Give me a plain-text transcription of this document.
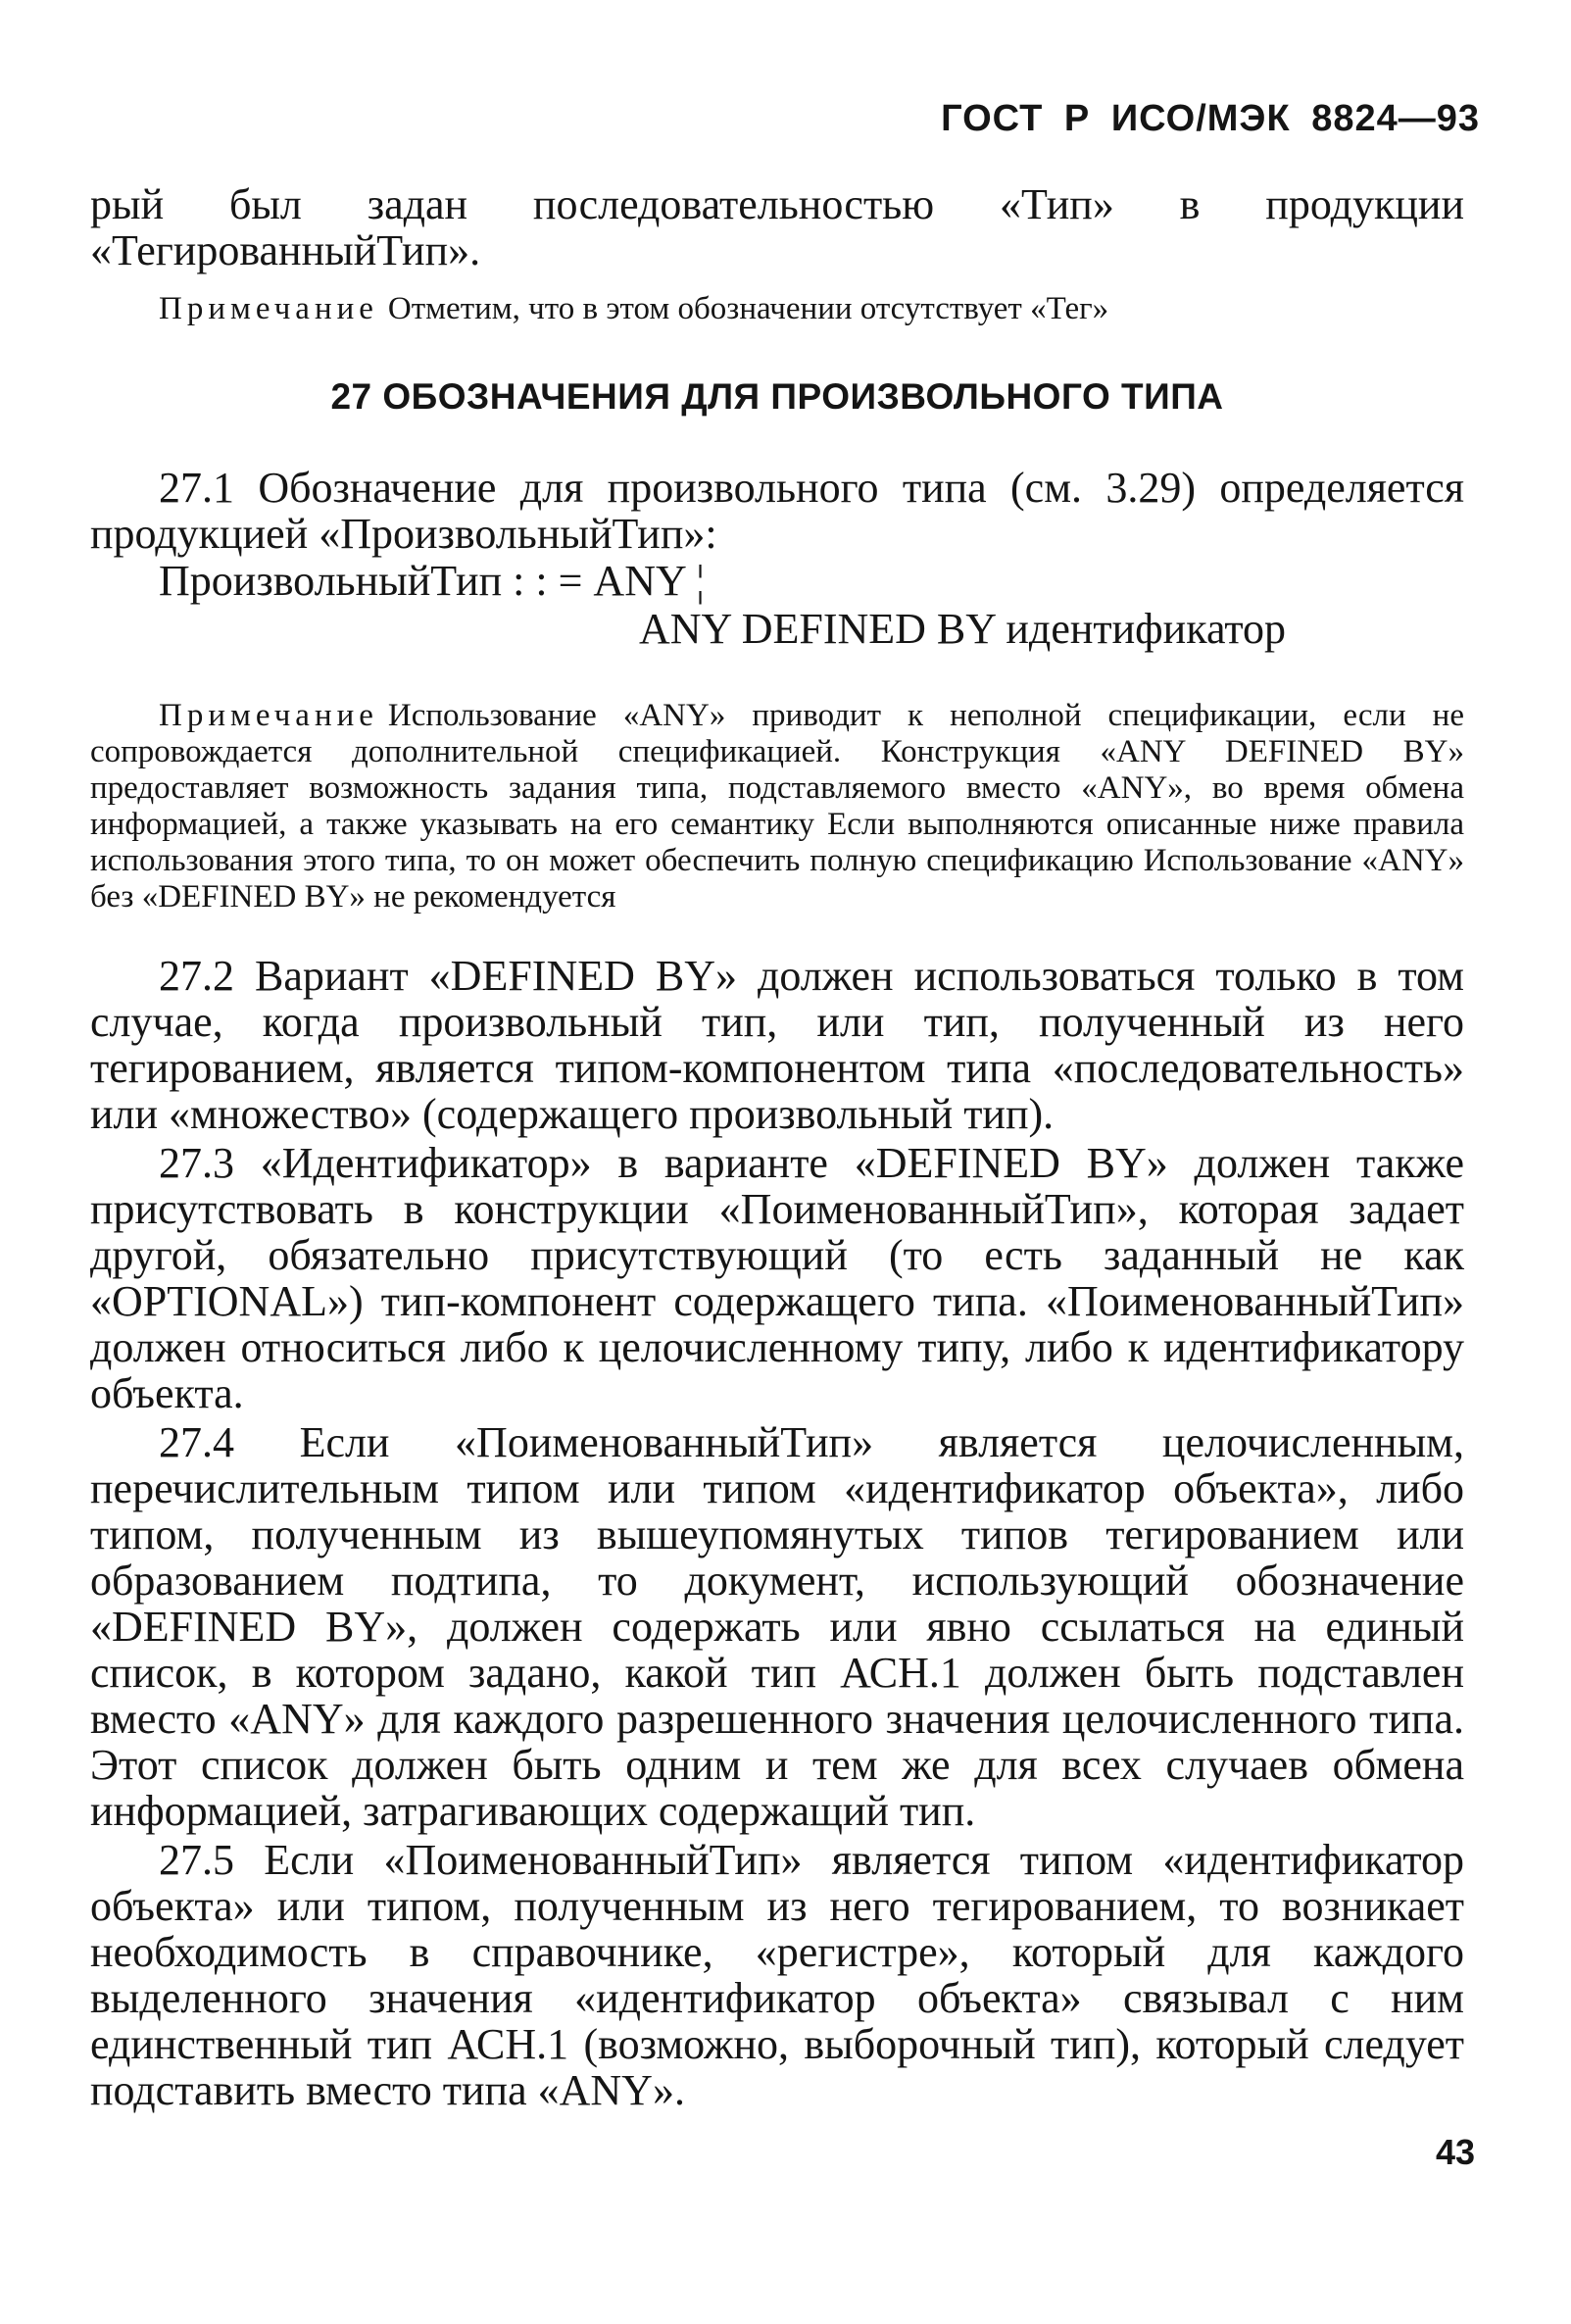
ГОСТ Р ИСО/МЭК 8824—93

рый был задан последовательностью «Тип» в продукции «ТегированныйТип».

Примечание Отметим, что в этом обозначении отсутствует «Тег»

27 ОБОЗНАЧЕНИЯ ДЛЯ ПРОИЗВОЛЬНОГО ТИПА

27.1 Обозначение для произвольного типа (см. 3.29) определяется продукцией «ПроизвольныйТип»:

ПроизвольныйТип : : = ANY ¦
ANY DEFINED BY идентификатор

Примечание Использование «ANY» приводит к неполной спецификации, если не сопровождается дополнительной спецификацией. Конструкция «ANY DEFINED BY» предоставляет возможность задания типа, подставляемого вместо «ANY», во время обмена информацией, а также указывать на его семантику Если выполняются описанные ниже правила использования этого типа, то он может обеспечить полную спецификацию Использование «ANY» без «DEFINED BY» не рекомендуется

27.2 Вариант «DEFINED BY» должен использоваться только в том случае, когда произвольный тип, или тип, полученный из него тегированием, является типом-компонентом типа «последовательность» или «множество» (содержащего произвольный тип).

27.3 «Идентификатор» в варианте «DEFINED BY» должен также присутствовать в конструкции «ПоименованныйТип», которая задает другой, обязательно присутствующий (то есть заданный не как «OPTIONAL») тип-компонент содержащего типа. «ПоименованныйТип» должен относиться либо к целочисленному типу, либо к идентификатору объекта.

27.4 Если «ПоименованныйТип» является целочисленным, перечислительным типом или типом «идентификатор объекта», либо типом, полученным из вышеупомянутых типов тегированием или образованием подтипа, то документ, использующий обозначение «DEFINED BY», должен содержать или явно ссылаться на единый список, в котором задано, какой тип АСН.1 должен быть подставлен вместо «ANY» для каждого разрешенного значения целочисленного типа. Этот список должен быть одним и тем же для всех случаев обмена информацией, затрагивающих содержащий тип.

27.5 Если «ПоименованныйТип» является типом «идентификатор объекта» или типом, полученным из него тегированием, то возникает необходимость в справочнике, «регистре», который для каждого выделенного значения «идентификатор объекта» связывал с ним единственный тип АСН.1 (возможно, выборочный тип), который следует подставить вместо типа «ANY».

43
